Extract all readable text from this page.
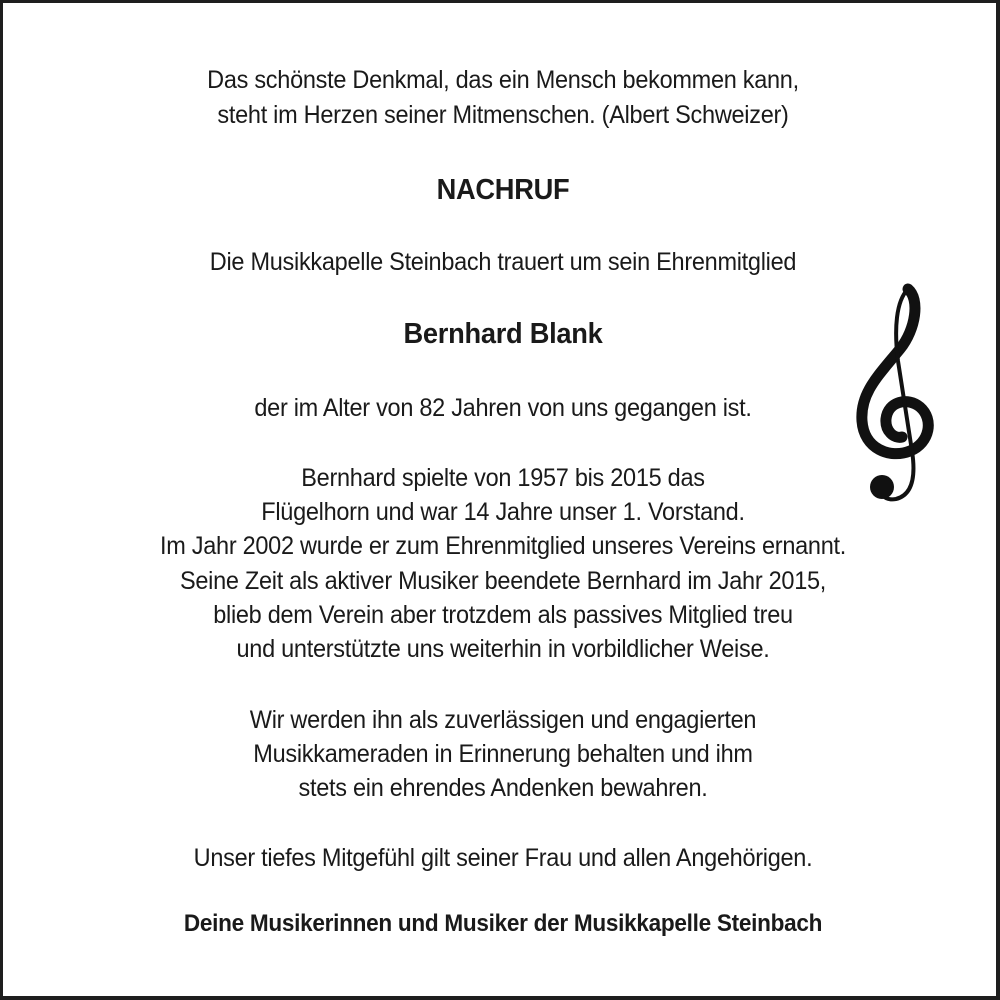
Das schönste Denkmal, das ein Mensch bekommen kann,
steht im Herzen seiner Mitmenschen. (Albert Schweizer)
NACHRUF
Die Musikkapelle Steinbach trauert um sein Ehrenmitglied
Bernhard Blank
der im Alter von 82 Jahren von uns gegangen ist.
Bernhard spielte von 1957 bis 2015 das
Flügelhorn und war 14 Jahre unser 1. Vorstand.
Im Jahr 2002 wurde er zum Ehrenmitglied unseres Vereins ernannt.
Seine Zeit als aktiver Musiker beendete Bernhard im Jahr 2015,
blieb dem Verein aber trotzdem als passives Mitglied treu
und unterstützte uns weiterhin in vorbildlicher Weise.
Wir werden ihn als zuverlässigen und engagierten
Musikkameraden in Erinnerung behalten und ihm
stets ein ehrendes Andenken bewahren.
Unser tiefes Mitgefühl gilt seiner Frau und allen Angehörigen.
Deine Musikerinnen und Musiker der Musikkapelle Steinbach
